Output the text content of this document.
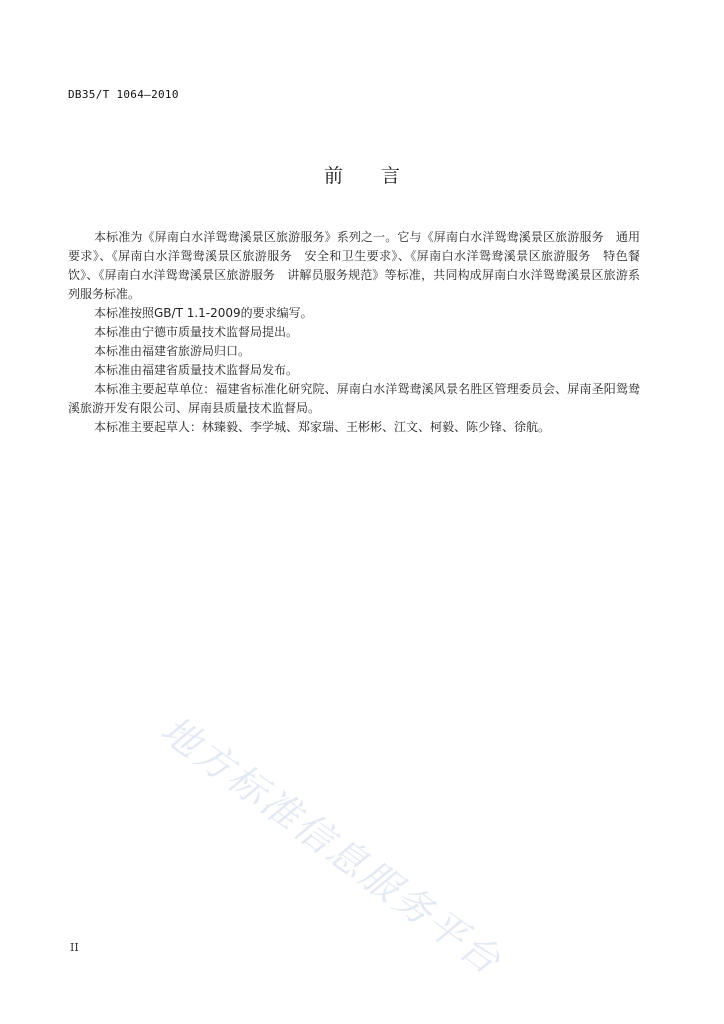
DB35/T 1064—2010
前 言

本标准为《屏南白水洋鸳鸯溪景区旅游服务》系列之一。它与《屏南白水洋鸳鸯溪景区旅游服务　通用要求》、《屏南白水洋鸳鸯溪景区旅游服务　安全和卫生要求》、《屏南白水洋鸳鸯溪景区旅游服务　特色餐饮》、《屏南白水洋鸳鸯溪景区旅游服务　讲解员服务规范》等标准，共同构成屏南白水洋鸳鸯溪景区旅游系列服务标准。

本标准按照GB/T 1.1-2009的要求编写。

本标准由宁德市质量技术监督局提出。

本标准由福建省旅游局归口。

本标准由福建省质量技术监督局发布。

本标准主要起草单位：福建省标准化研究院、屏南白水洋鸳鸯溪风景名胜区管理委员会、屏南圣阳鸳鸯溪旅游开发有限公司、屏南县质量技术监督局。

本标准主要起草人：林臻毅、李学城、郑家瑞、王彬彬、江文、柯毅、陈少锋、徐航。

地方标准信息服务平台
II
